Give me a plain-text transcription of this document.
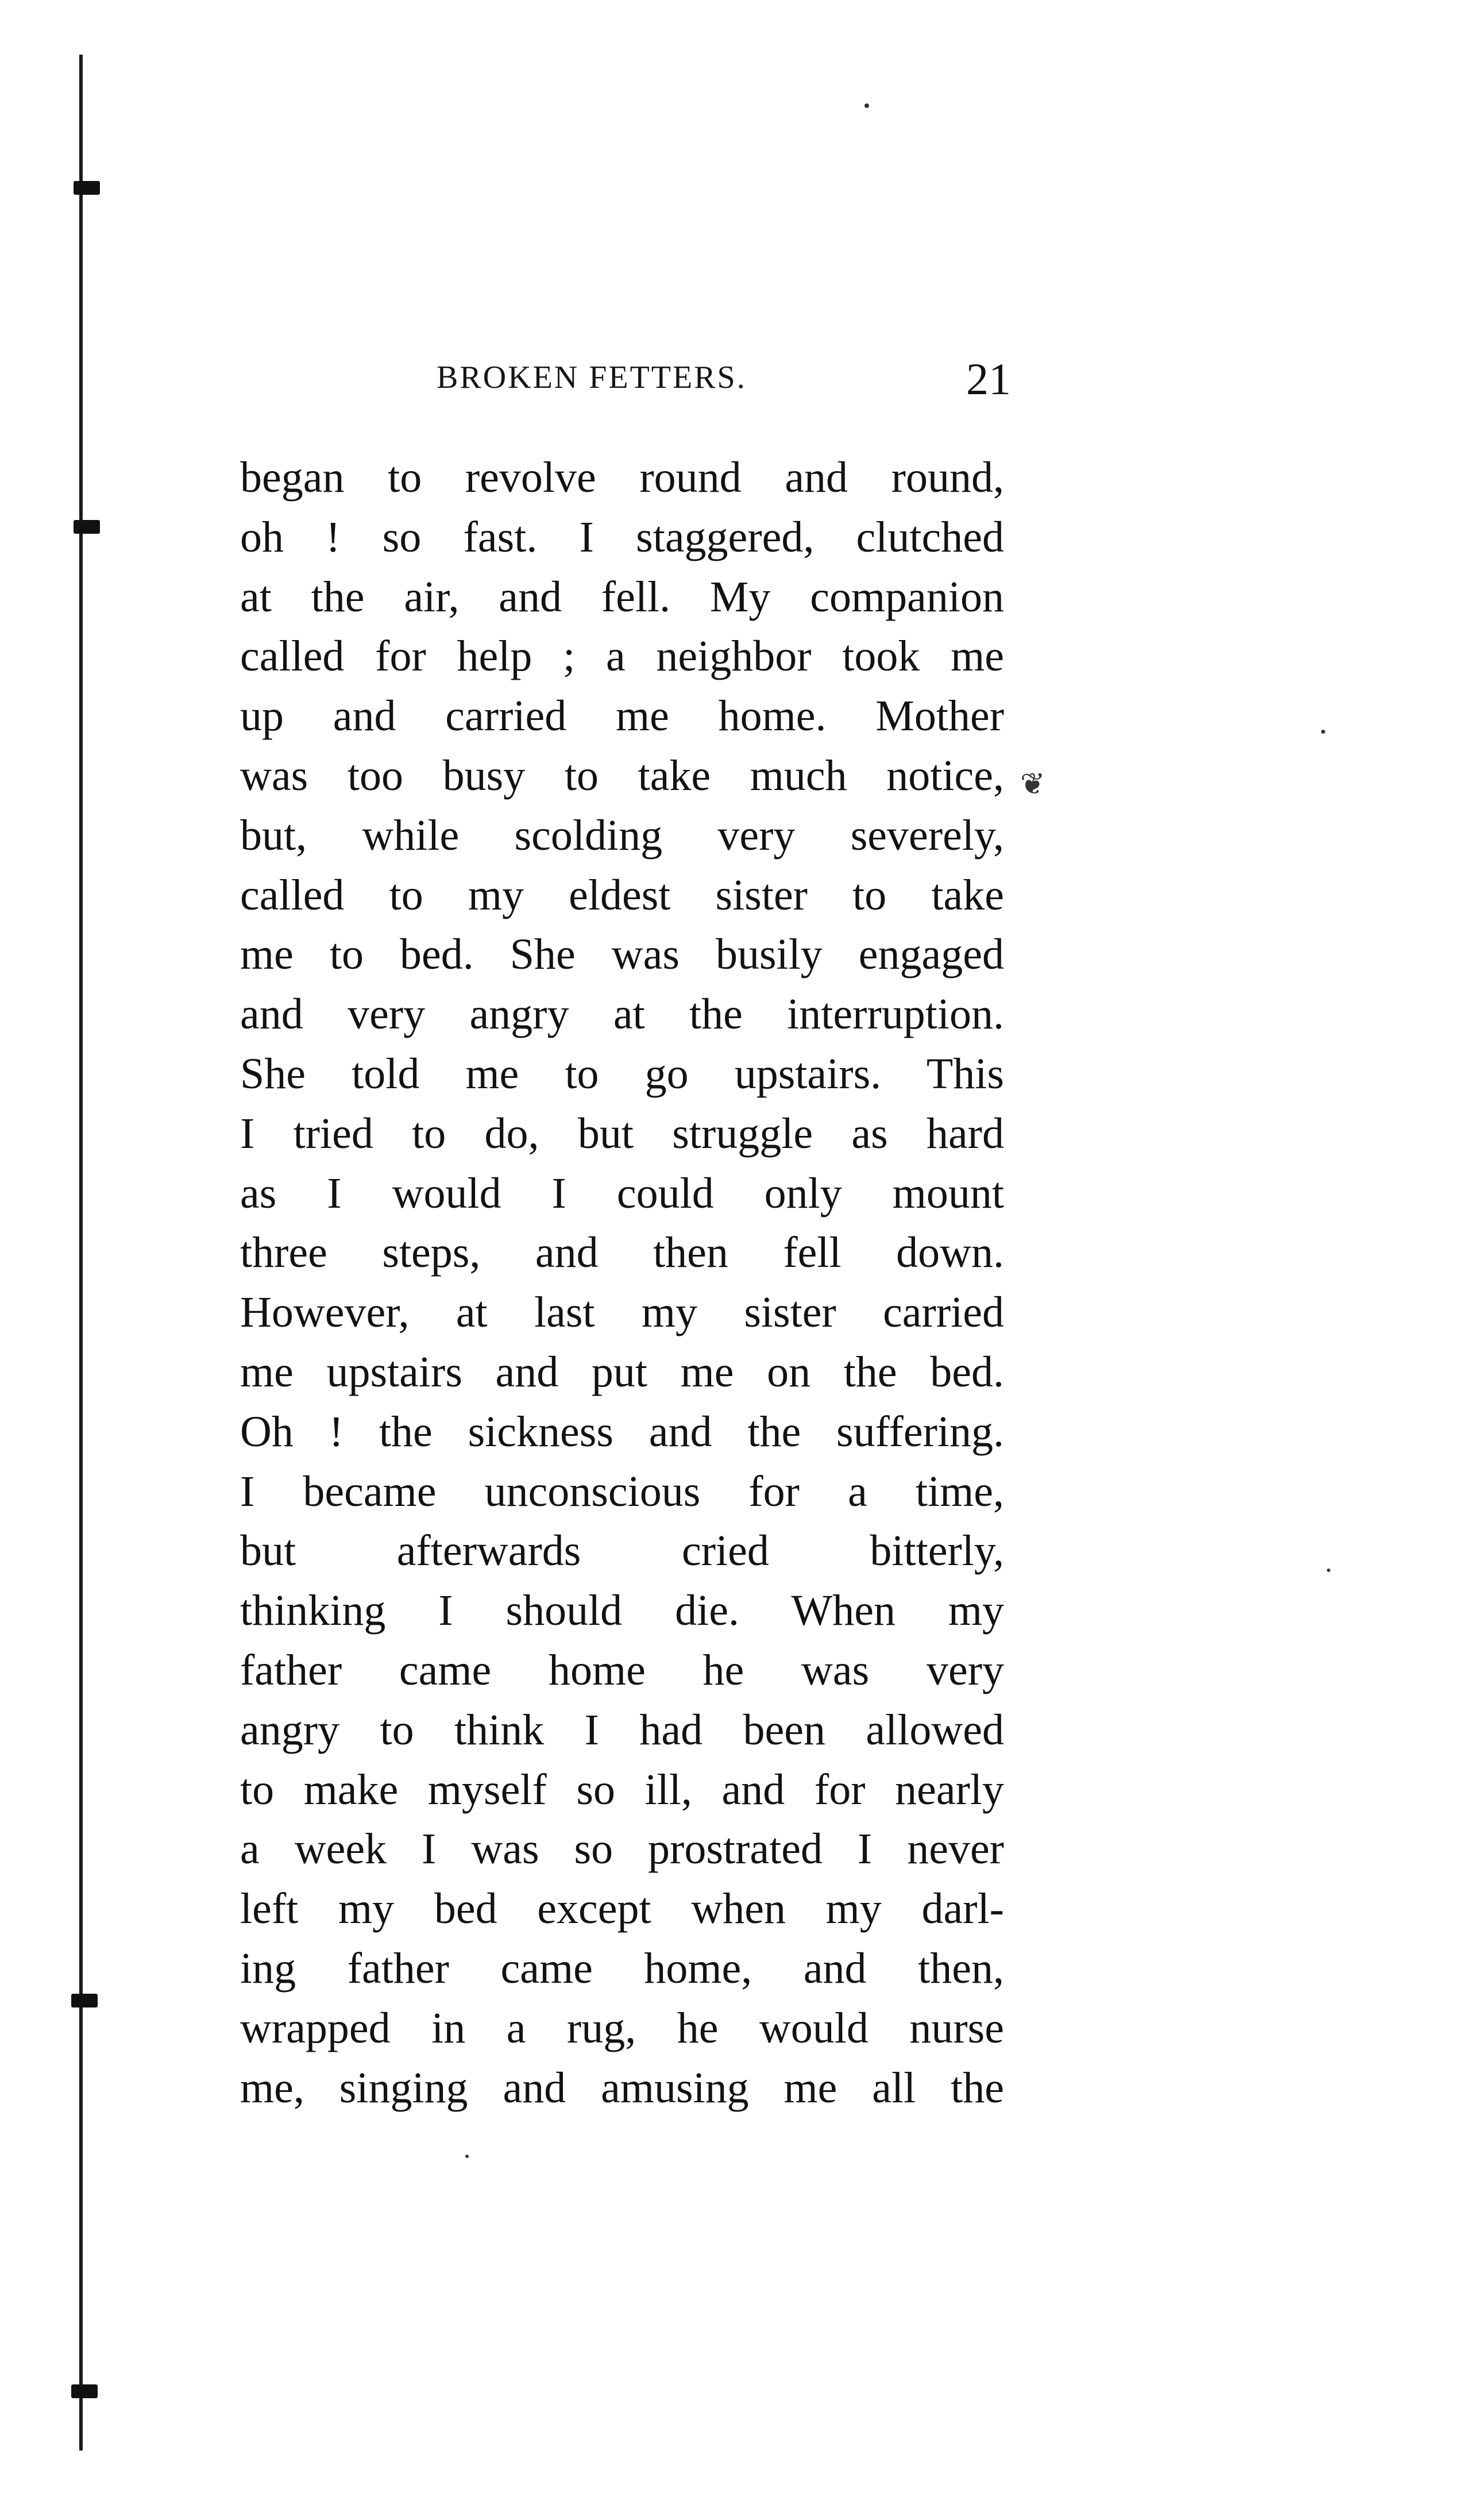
❦
BROKEN FETTERS.	21
began to revolve round and round,
oh ! so fast. I staggered, clutched
at the air, and fell. My companion
called for help ; a neighbor took me
up and carried me home. Mother
was too busy to take much notice,
but, while scolding very severely,
called to my eldest sister to take
me to bed. She was busily engaged
and very angry at the interruption.
She told me to go upstairs. This
I tried to do, but struggle as hard
as I would I could only mount
three steps, and then fell down.
However, at last my sister carried
me upstairs and put me on the bed.
Oh ! the sickness and the suffering.
I became unconscious for a time,
but afterwards cried bitterly,
thinking I should die. When my
father came home he was very
angry to think I had been allowed
to make myself so ill, and for nearly
a week I was so prostrated I never
left my bed except when my darl-
ing father came home, and then,
wrapped in a rug, he would nurse
me, singing and amusing me all the
